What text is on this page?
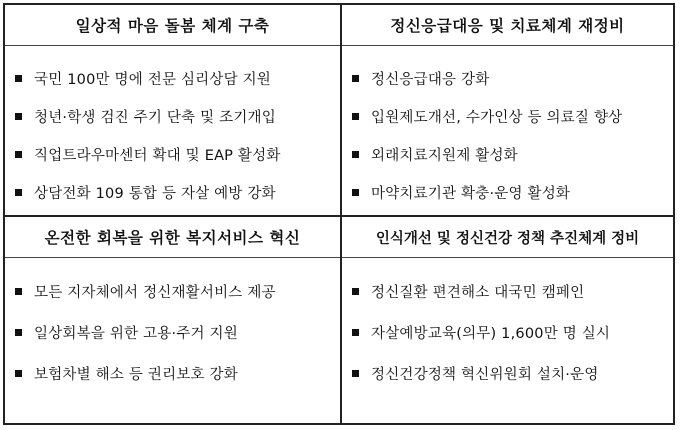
일상적 마음 돌봄 체계 구축
국민 100만 명에 전문 심리상담 지원
청년·학생 검진 주기 단축 및 조기개입
직업트라우마센터 확대 및 EAP 활성화
상담전화 109 통합 등 자살 예방 강화
정신응급대응 및 치료체계 재정비
정신응급대응 강화
입원제도개선, 수가인상 등 의료질 향상
외래치료지원제 활성화
마약치료기관 확충·운영 활성화
온전한 회복을 위한 복지서비스 혁신
모든 지자체에서 정신재활서비스 제공
일상회복을 위한 고용·주거 지원
보험차별 해소 등 권리보호 강화
인식개선 및 정신건강 정책 추진체계 정비
정신질환 편견해소 대국민 캠페인
자살예방교육(의무) 1,600만 명 실시
정신건강정책 혁신위원회 설치·운영
